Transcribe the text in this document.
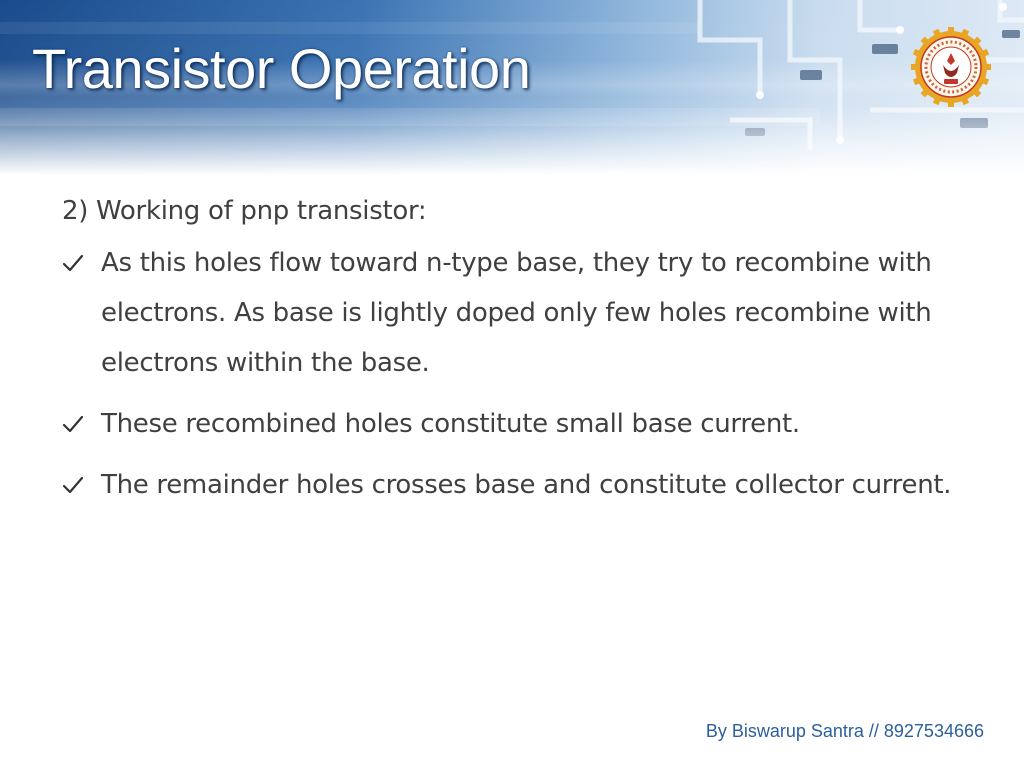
Transistor Operation
2) Working of pnp transistor:
As this holes flow toward n-type base, they try to recombine with electrons. As base is lightly doped only few holes recombine with electrons within the base.
These recombined holes constitute small base current.
The remainder holes crosses base and constitute collector current.
By Biswarup Santra // 8927534666
